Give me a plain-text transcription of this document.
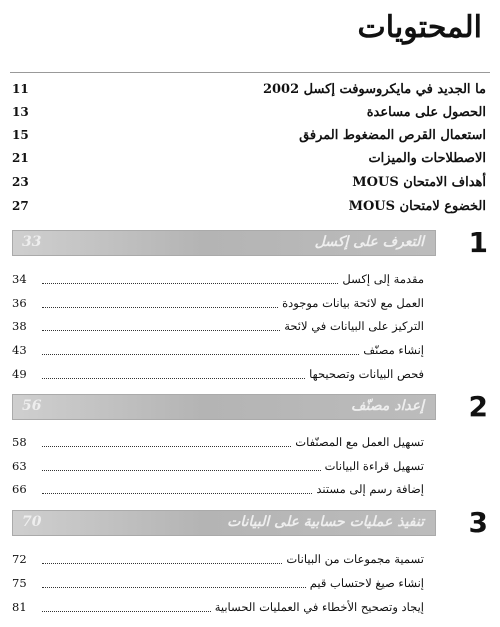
المحتويات
11	ما الجديد في مايكروسوفت إكسل 2002
13	الحصول على مساعدة
15	استعمال القرص المضغوط المرفق
21	الاصطلاحات والميزات
23	أهداف الامتحان MOUS
27	الخضوع لامتحان MOUS
33	التعرف على إكسل 1
34	مقدمة إلى إكسل
36	العمل مع لائحة بيانات موجودة
38	التركيز على البيانات في لائحة
43	إنشاء مصنّف
49	فحص البيانات وتصحيحها
56	إعداد مصنّف 2
58	تسهيل العمل مع المصنّفات
63	تسهيل قراءة البيانات
66	إضافة رسم إلى مستند
70	تنفيذ عمليات حسابية على البيانات 3
72	تسمية مجموعات من البيانات
75	إنشاء صيغ لاحتساب قيم
81	إيجاد وتصحيح الأخطاء في العمليات الحسابية
